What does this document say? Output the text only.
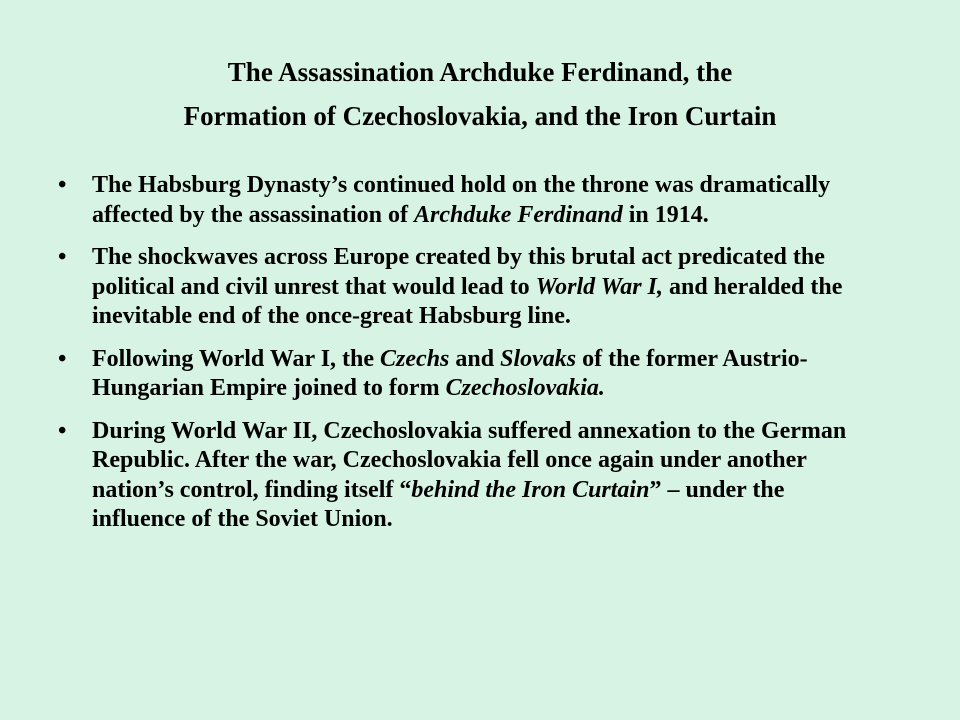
The Assassination Archduke Ferdinand, the
Formation of Czechoslovakia, and the Iron Curtain
•	The Habsburg Dynasty’s continued hold on the throne was dramatically affected by the assassination of Archduke Ferdinand in 1914.
•	The shockwaves across Europe created by this brutal act predicated the political and civil unrest that would lead to World War I, and heralded the inevitable end of the once-great Habsburg line.
•	Following World War I, the Czechs and Slovaks of the former Austrio-Hungarian Empire joined to form Czechoslovakia.
•	During World War II, Czechoslovakia suffered annexation to the German Republic. After the war, Czechoslovakia fell once again under another nation’s control, finding itself “behind the Iron Curtain” – under the influence of the Soviet Union.
